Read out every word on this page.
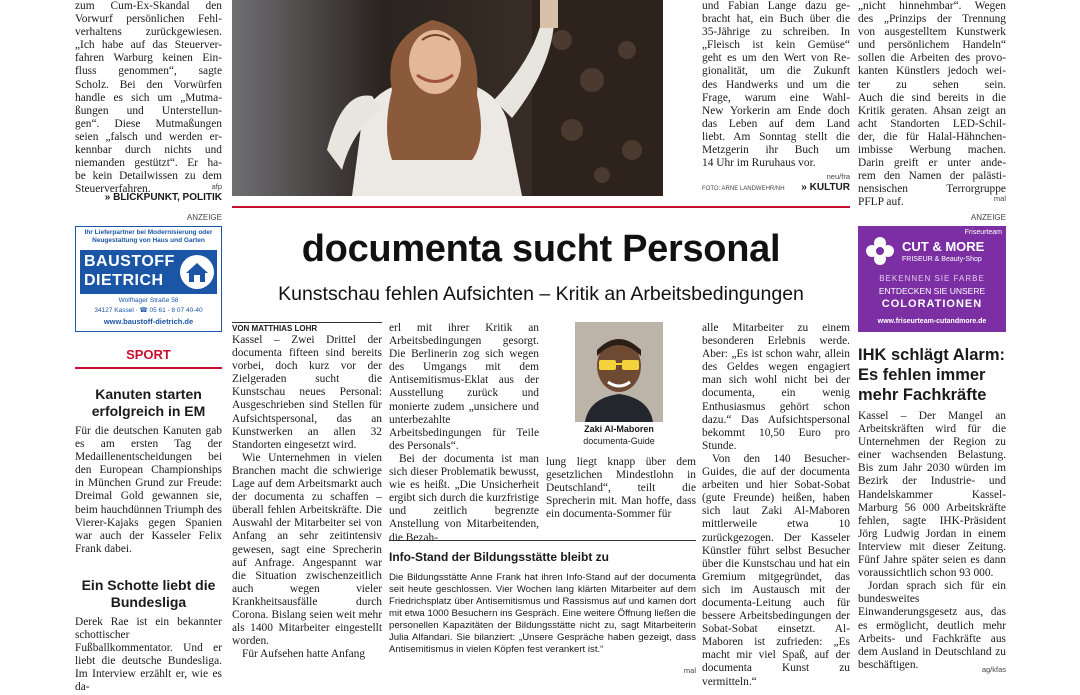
zum Cum-Ex-Skandal den
Vorwurf persönlichen Fehl-
verhaltens zurückgewiesen.
„Ich habe auf das Steuerver-
fahren Warburg keinen Ein-
fluss genommen“, sagte
Scholz. Bei den Vorwürfen
handle es sich um „Mutma-
ßungen und Unterstellun-
gen“. Diese Mutmaßungen
seien „falsch und werden er-
kennbar durch nichts und
niemanden gestützt“. Er ha-
be kein Detailwissen zu dem
Steuerverfahren.	afp
» BLICKPUNKT, POLITIK
und Fabian Lange dazu ge-
bracht hat, ein Buch über die
35-Jährige zu schreiben. In
„Fleisch ist kein Gemüse“
geht es um den Wert von Re-
gionalität, um die Zukunft
des Handwerks und um die
Frage, warum eine Wahl-
New Yorkerin am Ende doch
das Leben auf dem Land
liebt. Am Sonntag stellt die
Metzgerin ihr Buch um
14 Uhr im Ruruhaus vor.
neu/fra
FOTO: ARNE LANDWEHR/NH	» KULTUR
„nicht hinnehmbar“. Wegen
des „Prinzips der Trennung
von ausgestelltem Kunstwerk
und persönlichem Handeln“
sollen die Arbeiten des provo-
kanten Künstlers jedoch wei-
ter zu sehen sein.
Auch die sind bereits in die
Kritik geraten. Ahsan zeigt an
acht Standorten LED-Schil-
der, die für Halal-Hähnchen-
imbisse Werbung machen.
Darin greift er unter ande-
rem den Namen der palästi-
nensischen Terrorgruppe
PFLP auf.	mal
ANZEIGE	ANZEIGE
Ihr Lieferpartner bei Modernisierung oder Neugestaltung von Haus und Garten
BAUSTOFF
DIETRICH
Wolfhager Straße 58
34127 Kassel · ☎ 05 61 - 8 07 40-40
www.baustoff-dietrich.de
Friseurteam
CUT & MORE
FRISEUR & Beauty-Shop
BEKENNEN SIE FARBE
ENTDECKEN SIE UNSERE
COLORATIONEN
www.friseurteam-cutandmore.de
documenta sucht Personal
Kunstschau fehlen Aufsichten – Kritik an Arbeitsbedingungen
VON MATTHIAS LOHR

Kassel – Zwei Drittel der documenta fifteen sind bereits vorbei, doch kurz vor der Zielgeraden sucht die Kunstschau neues Personal: Ausgeschrieben sind Stellen für Aufsichtspersonal, das an Kunstwerken an allen 32 Standorten eingesetzt wird.

Wie Unternehmen in vielen Branchen macht die schwierige Lage auf dem Arbeitsmarkt auch der documenta zu schaffen – überall fehlen Arbeitskräfte. Die Auswahl der Mitarbeiter sei von Anfang an sehr zeitintensiv gewesen, sagt eine Sprecherin auf Anfrage. Angespannt war die Situation zwischenzeitlich auch wegen vieler Krankheitsausfälle durch Corona. Bislang seien weit mehr als 1400 Mitarbeiter eingestellt worden.

Für Aufsehen hatte Anfang

erl mit ihrer Kritik an Arbeitsbedingungen gesorgt. Die Berlinerin zog sich wegen des Umgangs mit dem Antisemitismus-Eklat aus der Ausstellung zurück und monierte zudem „unsichere und unterbezahlte Arbeitsbedingungen für Teile des Personals“.

Bei der documenta ist man sich dieser Problematik bewusst, wie es heißt. „Die Unsicherheit ergibt sich durch die kurzfristige und zeitlich begrenzte Anstellung von Mitarbeitenden, die Bezah-

Zaki Al-Maboren
documenta-Guide

lung liegt knapp über dem gesetzlichen Mindestlohn in Deutschland“, teilt die Sprecherin mit. Man hoffe, dass ein documenta-Sommer für

alle Mitarbeiter zu einem besonderen Erlebnis werde. Aber: „Es ist schon wahr, allein des Geldes wegen engagiert man sich wohl nicht bei der documenta, ein wenig Enthusiasmus gehört schon dazu.“ Das Aufsichtspersonal bekommt 10,50 Euro pro Stunde.

Von den 140 Besucher-Guides, die auf der documenta arbeiten und hier Sobat-Sobat (gute Freunde) heißen, haben sich laut Zaki Al-Maboren mittlerweile etwa 10 zurückgezogen. Der Kasseler Künstler führt selbst Besucher über die Kunstschau und hat ein Gremium mitgegründet, das sich im Austausch mit der documenta-Leitung auch für bessere Arbeitsbedingungen der Sobat-Sobat einsetzt. Al-Maboren ist zufrieden: „Es macht mir viel Spaß, auf der documenta Kunst zu vermitteln.“

Info-Stand der Bildungsstätte bleibt zu
Die Bildungsstätte Anne Frank hat ihren Info-Stand auf der documenta seit heute geschlossen. Vier Wochen lang klärten Mitarbeiter auf dem Friedrichsplatz über Antisemitismus und Rassismus auf und kamen dort mit etwa 1000 Besuchern ins Gespräch. Eine weitere Öffnung ließen die personellen Kapazitäten der Bildungsstätte nicht zu, sagt Mitarbeiterin Julia Alfandari. Sie bilanziert: „Unsere Gespräche haben gezeigt, dass Antisemitismus in vielen Köpfen fest verankert ist.“
mal
SPORT
Kanuten starten erfolgreich in EM
Für die deutschen Kanuten gab es am ersten Tag der Medaillenentscheidungen bei den European Championships in München Grund zur Freude: Dreimal Gold gewannen sie, beim hauchdünnen Triumph des Vierer-Kajaks gegen Spanien war auch der Kasseler Felix Frank dabei.
Ein Schotte liebt die Bundesliga
Derek Rae ist ein bekannter schottischer Fußballkommentator. Und er liebt die deutsche Bundesliga. Im Interview erzählt er, wie es da-
IHK schlägt Alarm: Es fehlen immer mehr Fachkräfte

Kassel – Der Mangel an Arbeitskräften wird für die Unternehmen der Region zu einer wachsenden Belastung. Bis zum Jahr 2030 würden im Bezirk der Industrie- und Handelskammer Kassel-Marburg 56 000 Arbeitskräfte fehlen, sagte IHK-Präsident Jörg Ludwig Jordan in einem Interview mit dieser Zeitung. Fünf Jahre später seien es dann voraussichtlich schon 93 000.

Jordan sprach sich für ein bundesweites Einwanderungsgesetz aus, das es ermöglicht, deutlich mehr Arbeits- und Fachkräfte aus dem Ausland in Deutschland zu beschäftigen.	ag/kfas
